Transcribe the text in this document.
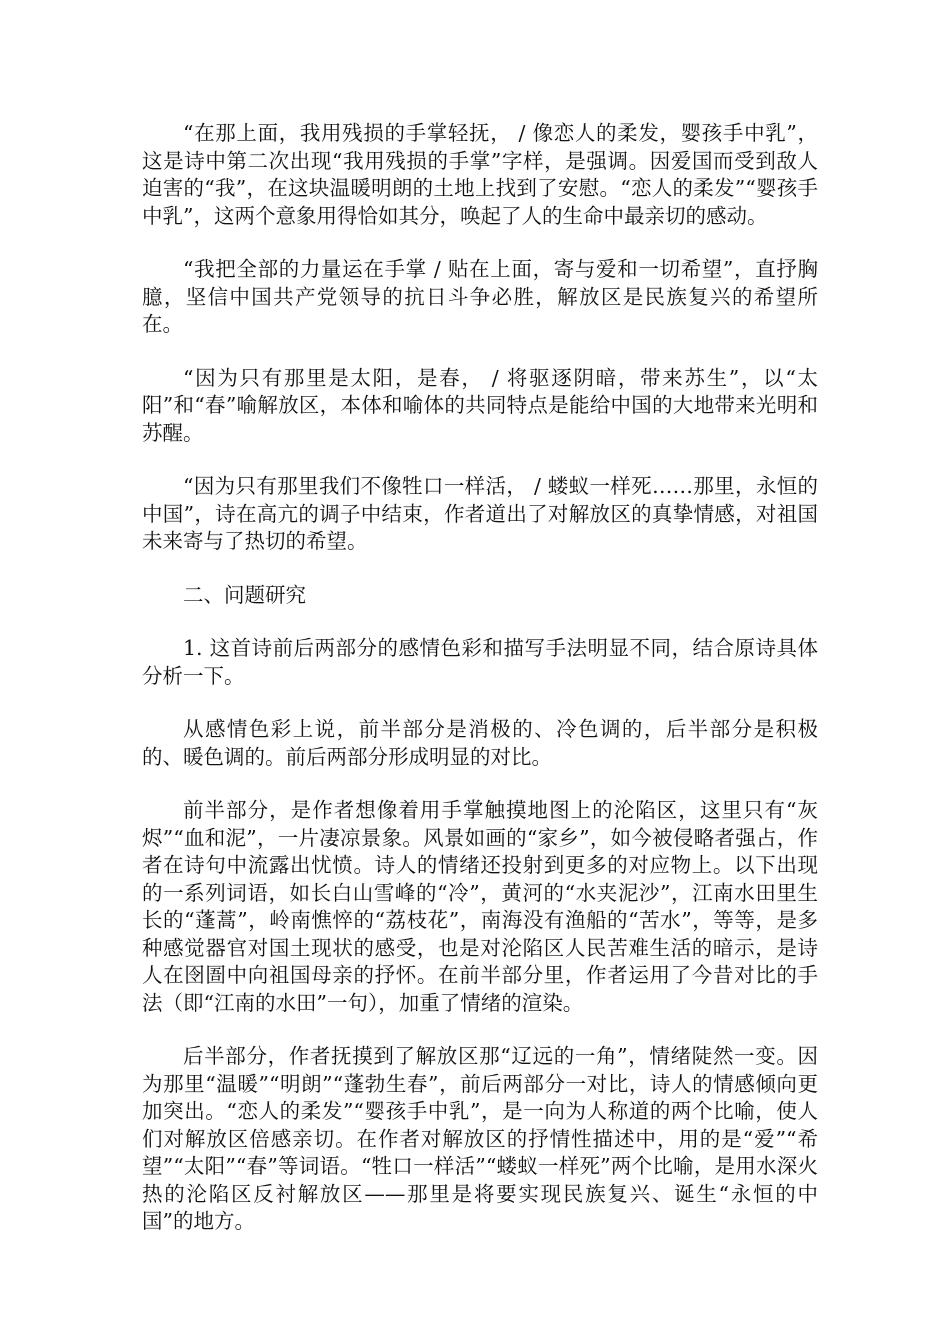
“在那上面，我用残损的手掌轻抚， / 像恋人的柔发，婴孩手中乳”，这是诗中第二次出现“我用残损的手掌”字样，是强调。因爱国而受到敌人迫害的“我”，在这块温暖明朗的土地上找到了安慰。“恋人的柔发”“婴孩手中乳”，这两个意象用得恰如其分，唤起了人的生命中最亲切的感动。

“我把全部的力量运在手掌 / 贴在上面，寄与爱和一切希望”，直抒胸臆，坚信中国共产党领导的抗日斗争必胜，解放区是民族复兴的希望所在。

“因为只有那里是太阳，是春， / 将驱逐阴暗，带来苏生”，以“太阳”和“春”喻解放区，本体和喻体的共同特点是能给中国的大地带来光明和苏醒。

“因为只有那里我们不像牲口一样活， / 蝼蚁一样死……那里，永恒的中国”，诗在高亢的调子中结束，作者道出了对解放区的真挚情感，对祖国未来寄与了热切的希望。

二、问题研究

1. 这首诗前后两部分的感情色彩和描写手法明显不同，结合原诗具体分析一下。

从感情色彩上说，前半部分是消极的、冷色调的，后半部分是积极的、暖色调的。前后两部分形成明显的对比。

前半部分，是作者想像着用手掌触摸地图上的沦陷区，这里只有“灰烬”“血和泥”，一片凄凉景象。风景如画的“家乡”，如今被侵略者强占，作者在诗句中流露出忧愤。诗人的情绪还投射到更多的对应物上。以下出现的一系列词语，如长白山雪峰的“冷”，黄河的“水夹泥沙”，江南水田里生长的“蓬蒿”，岭南憔悴的“荔枝花”，南海没有渔船的“苦水”，等等，是多种感觉器官对国土现状的感受，也是对沦陷区人民苦难生活的暗示，是诗人在囹圄中向祖国母亲的抒怀。在前半部分里，作者运用了今昔对比的手法（即“江南的水田”一句），加重了情绪的渲染。

后半部分，作者抚摸到了解放区那“辽远的一角”，情绪陡然一变。因为那里“温暖”“明朗”“蓬勃生春”，前后两部分一对比，诗人的情感倾向更加突出。“恋人的柔发”“婴孩手中乳”，是一向为人称道的两个比喻，使人们对解放区倍感亲切。在作者对解放区的抒情性描述中，用的是“爱”“希望”“太阳”“春”等词语。“牲口一样活”“蝼蚁一样死”两个比喻，是用水深火热的沦陷区反衬解放区——那里是将要实现民族复兴、诞生“永恒的中国”的地方。
